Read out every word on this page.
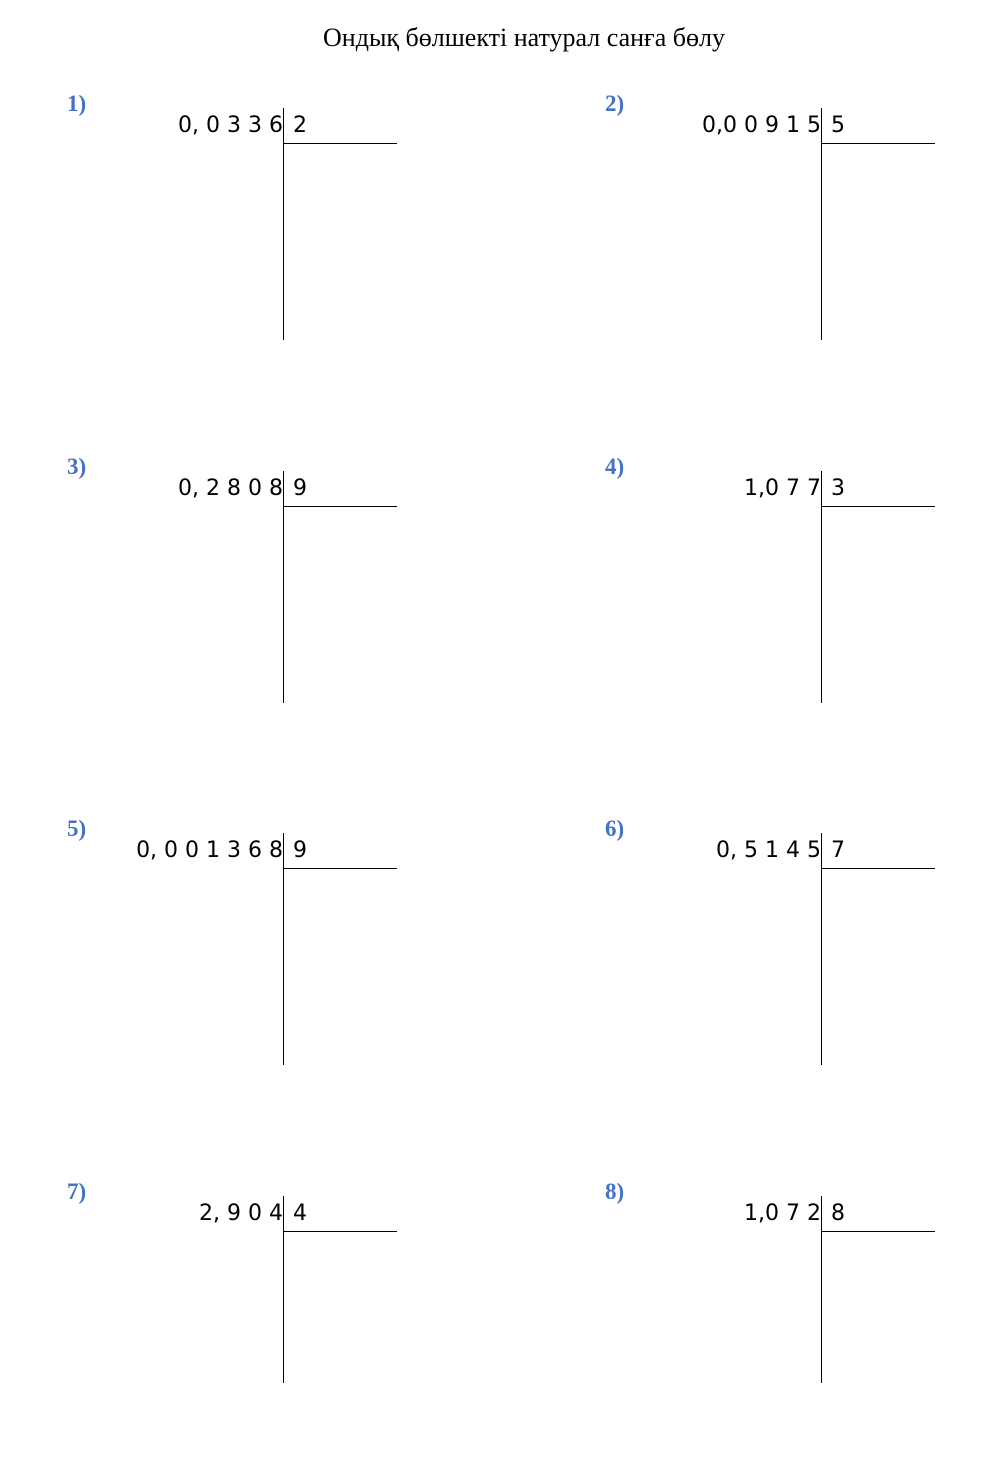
Ондық бөлшекті натурал санға бөлу
1)
0, 0 3 3 6 2
2)
0,0 0 9 1 5 5
3)
0, 2 8 0 8 9
4)
1,0 7 7 3
5)
0, 0 0 1 3 6 8 9
6)
0, 5 1 4 5 7
7)
2, 9 0 4 4
8)
1,0 7 2 8
